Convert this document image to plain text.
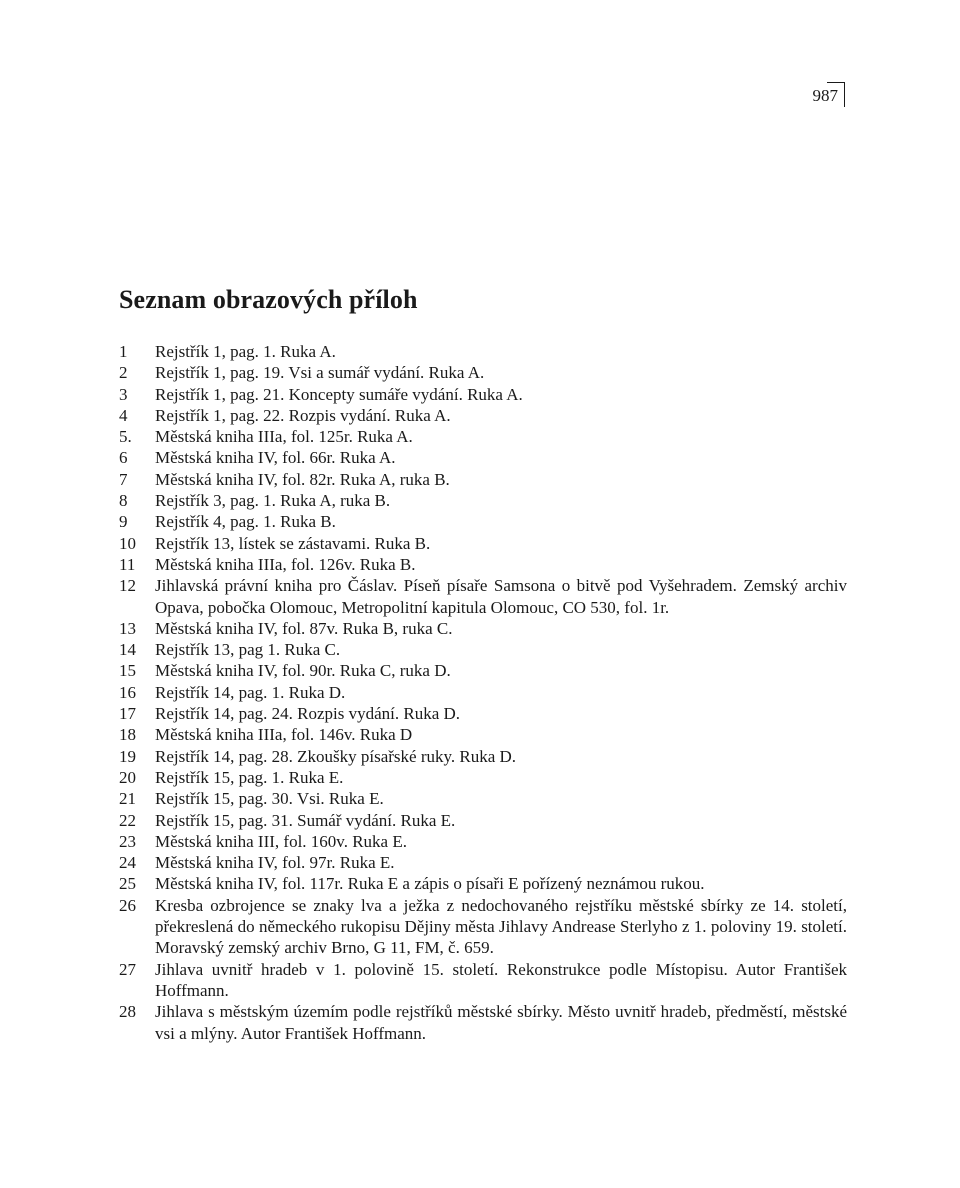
987
Seznam obrazových příloh
1	Rejstřík 1, pag. 1. Ruka A.
2	Rejstřík 1, pag. 19. Vsi a sumář vydání. Ruka A.
3	Rejstřík 1, pag. 21. Koncepty sumáře vydání. Ruka A.
4	Rejstřík 1, pag. 22. Rozpis vydání. Ruka A.
5.	Městská kniha IIIa, fol. 125r. Ruka A.
6	Městská kniha IV, fol. 66r. Ruka A.
7	Městská kniha IV, fol. 82r. Ruka A, ruka B.
8	Rejstřík 3, pag. 1. Ruka A, ruka B.
9	Rejstřík 4, pag. 1. Ruka B.
10	Rejstřík 13, lístek se zástavami. Ruka B.
11	Městská kniha IIIa, fol. 126v. Ruka B.
12	Jihlavská právní kniha pro Čáslav. Píseň písaře Samsona o bitvě pod Vyšehradem. Zemský archiv Opava, pobočka Olomouc, Metropolitní kapitula Olomouc, CO 530, fol. 1r.
13	Městská kniha IV, fol. 87v. Ruka B, ruka C.
14	Rejstřík 13, pag 1. Ruka C.
15	Městská kniha IV, fol. 90r. Ruka C, ruka D.
16	Rejstřík 14, pag. 1. Ruka D.
17	Rejstřík 14, pag. 24. Rozpis vydání. Ruka D.
18	Městská kniha IIIa, fol. 146v. Ruka D
19	Rejstřík 14, pag. 28. Zkoušky písařské ruky. Ruka D.
20	Rejstřík 15, pag. 1. Ruka E.
21	Rejstřík 15, pag. 30. Vsi. Ruka E.
22	Rejstřík 15, pag. 31. Sumář vydání. Ruka E.
23	Městská kniha III, fol. 160v. Ruka E.
24	Městská kniha IV, fol. 97r. Ruka E.
25	Městská kniha IV, fol. 117r. Ruka E a zápis o písaři E pořízený neznámou rukou.
26	Kresba ozbrojence se znaky lva a ježka z nedochovaného rejstříku městské sbírky ze 14. století, překreslená do německého rukopisu Dějiny města Jihlavy Andrease Sterlyho z 1. poloviny 19. století. Moravský zemský archiv Brno, G 11, FM, č. 659.
27	Jihlava uvnitř hradeb v 1. polovině 15. století. Rekonstrukce podle Místopisu. Autor František Hoffmann.
28	Jihlava s městským územím podle rejstříků městské sbírky. Město uvnitř hradeb, předměstí, městské vsi a mlýny. Autor František Hoffmann.
